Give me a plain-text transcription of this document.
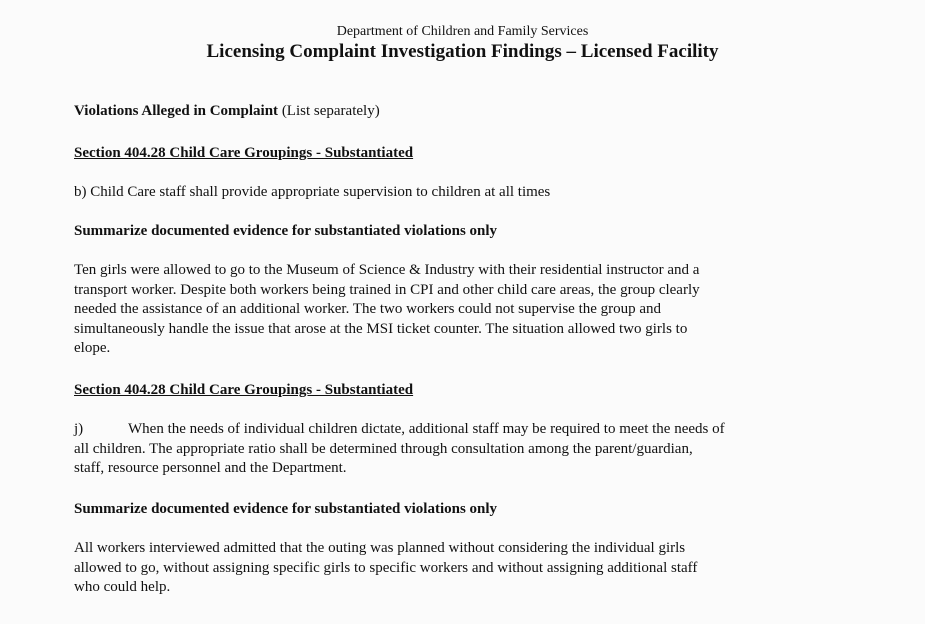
Department of Children and Family Services
Licensing Complaint Investigation Findings – Licensed Facility
Violations Alleged in Complaint (List separately)
Section 404.28 Child Care Groupings - Substantiated
b) Child Care staff shall provide appropriate supervision to children at all times
Summarize documented evidence for substantiated violations only
Ten girls were allowed to go to the Museum of Science & Industry with their residential instructor and a
transport worker. Despite both workers being trained in CPI and other child care areas, the group clearly
needed the assistance of an additional worker. The two workers could not supervise the group and
simultaneously handle the issue that arose at the MSI ticket counter. The situation allowed two girls to
elope.
Section 404.28 Child Care Groupings - Substantiated
j)	When the needs of individual children dictate, additional staff may be required to meet the needs of
all children. The appropriate ratio shall be determined through consultation among the parent/guardian,
staff, resource personnel and the Department.
Summarize documented evidence for substantiated violations only
All workers interviewed admitted that the outing was planned without considering the individual girls
allowed to go, without assigning specific girls to specific workers and without assigning additional staff
who could help.
